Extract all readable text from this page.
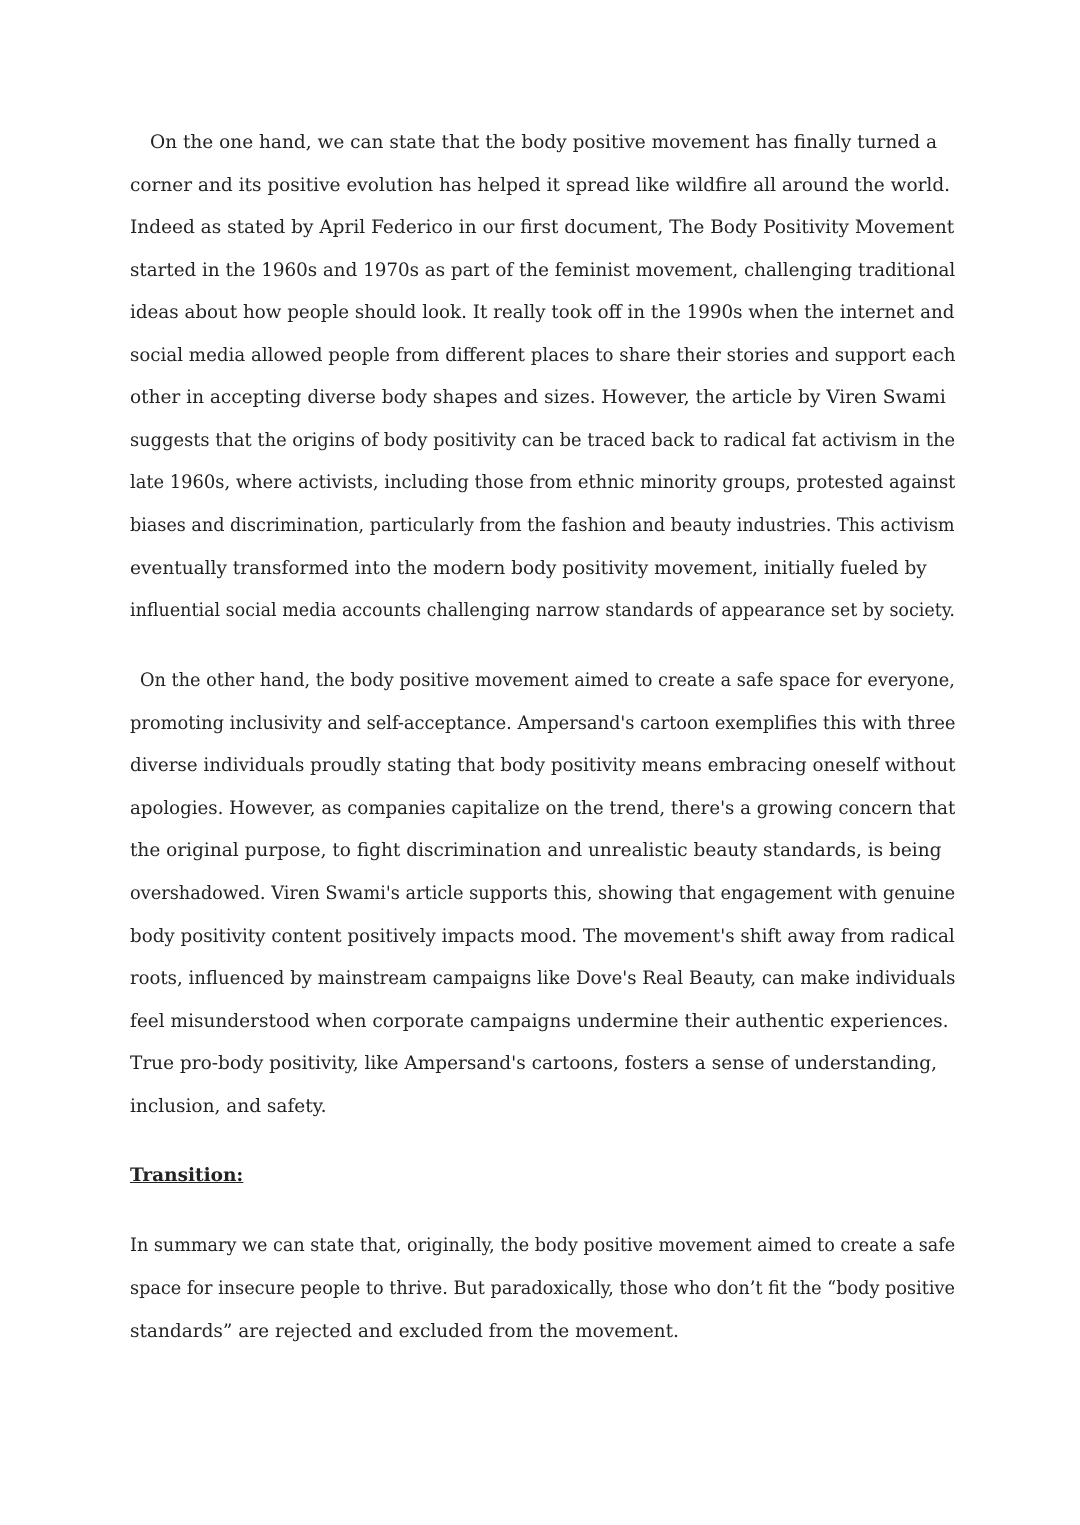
On the one hand, we can state that the body positive movement has finally turned a

corner and its positive evolution has helped it spread like wildfire all around the world.

Indeed as stated by April Federico in our first document, The Body Positivity Movement

started in the 1960s and 1970s as part of the feminist movement, challenging traditional

ideas about how people should look. It really took off in the 1990s when the internet and

social media allowed people from different places to share their stories and support each

other in accepting diverse body shapes and sizes. However, the article by Viren Swami

suggests that the origins of body positivity can be traced back to radical fat activism in the

late 1960s, where activists, including those from ethnic minority groups, protested against

biases and discrimination, particularly from the fashion and beauty industries. This activism

eventually transformed into the modern body positivity movement, initially fueled by

influential social media accounts challenging narrow standards of appearance set by society.

On the other hand, the body positive movement aimed to create a safe space for everyone,

promoting inclusivity and self-acceptance. Ampersand's cartoon exemplifies this with three

diverse individuals proudly stating that body positivity means embracing oneself without

apologies. However, as companies capitalize on the trend, there's a growing concern that

the original purpose, to fight discrimination and unrealistic beauty standards, is being

overshadowed. Viren Swami's article supports this, showing that engagement with genuine

body positivity content positively impacts mood. The movement's shift away from radical

roots, influenced by mainstream campaigns like Dove's Real Beauty, can make individuals

feel misunderstood when corporate campaigns undermine their authentic experiences.

True pro-body positivity, like Ampersand's cartoons, fosters a sense of understanding,

inclusion, and safety.

Transition:

In summary we can state that, originally, the body positive movement aimed to create a safe

space for insecure people to thrive. But paradoxically, those who don’t fit the “body positive

standards” are rejected and excluded from the movement.
